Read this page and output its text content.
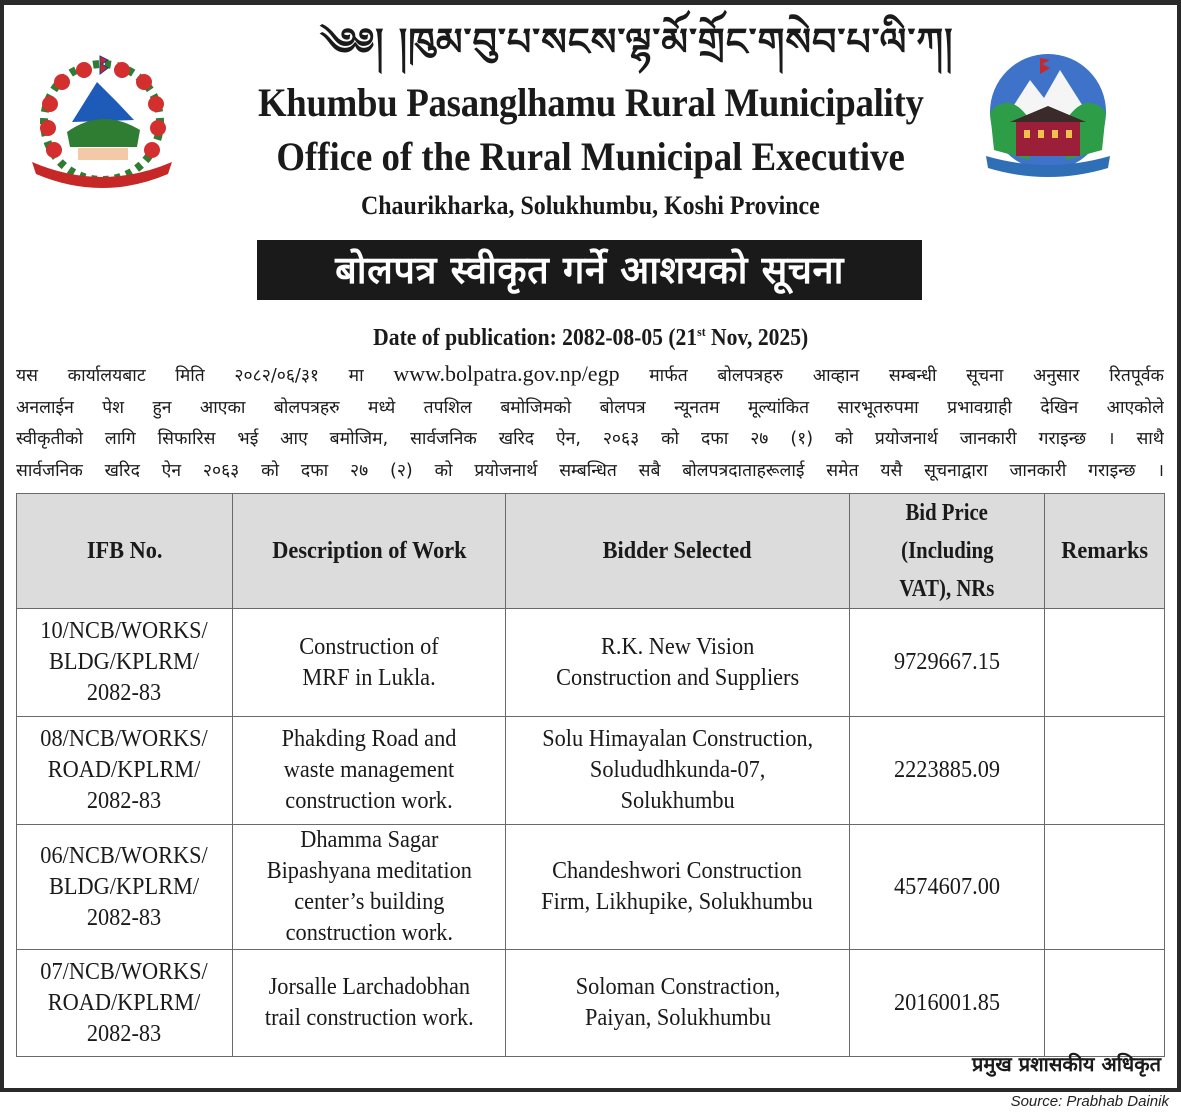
༄༅། །ཁུམ་བུ་པ་སངས་ལྷ་མོ་གྲོང་གསེབ་པ་ལི་ཀ།
Khumbu Pasanglhamu Rural Municipality
Office of the Rural Municipal Executive
Chaurikharka, Solukhumbu, Koshi Province
बोलपत्र स्वीकृत गर्ने आशयको सूचना
Date of publication: 2082-08-05 (21st Nov, 2025)

यस कार्यालयबाट मिति २०८२/०६/३१ मा www.bolpatra.gov.np/egp मार्फत बोलपत्रहरु आव्हान सम्बन्धी सूचना अनुसार रितपूर्वक

अनलाईन पेश हुन आएका बोलपत्रहरु मध्ये तपशिल बमोजिमको बोलपत्र न्यूनतम मूल्यांकित सारभूतरुपमा प्रभावग्राही देखिन आएकोले

स्वीकृतीको लागि सिफारिस भई आए बमोजिम, सार्वजनिक खरिद ऐन, २०६३ को दफा २७ (१) को प्रयोजनार्थ जानकारी गराइन्छ । साथै

सार्वजनिक खरिद ऐन २०६३ को दफा २७ (२) को प्रयोजनार्थ सम्बन्धित सबै बोलपत्रदाताहरूलाई समेत यसै सूचनाद्वारा जानकारी गराइन्छ ।

IFB No.	Description of Work	Bidder Selected	Bid Price
(Including
VAT), NRs	Remarks
10/NCB/WORKS/
BLDG/KPLRM/
2082-83	Construction of
MRF in Lukla.	R.K. New Vision
Construction and Suppliers	9729667.15	
08/NCB/WORKS/
ROAD/KPLRM/
2082-83	Phakding Road and
waste management
construction work.	Solu Himayalan Construction,
Solududhkunda-07,
Solukhumbu	2223885.09	
06/NCB/WORKS/
BLDG/KPLRM/
2082-83	Dhamma Sagar
Bipashyana meditation
center’s building
construction work.	Chandeshwori Construction
Firm, Likhupike, Solukhumbu	4574607.00	
07/NCB/WORKS/
ROAD/KPLRM/
2082-83	Jorsalle Larchadobhan
trail construction work.	Soloman Constraction,
Paiyan, Solukhumbu	2016001.85	
प्रमुख प्रशासकीय अधिकृत
Source: Prabhab Dainik
